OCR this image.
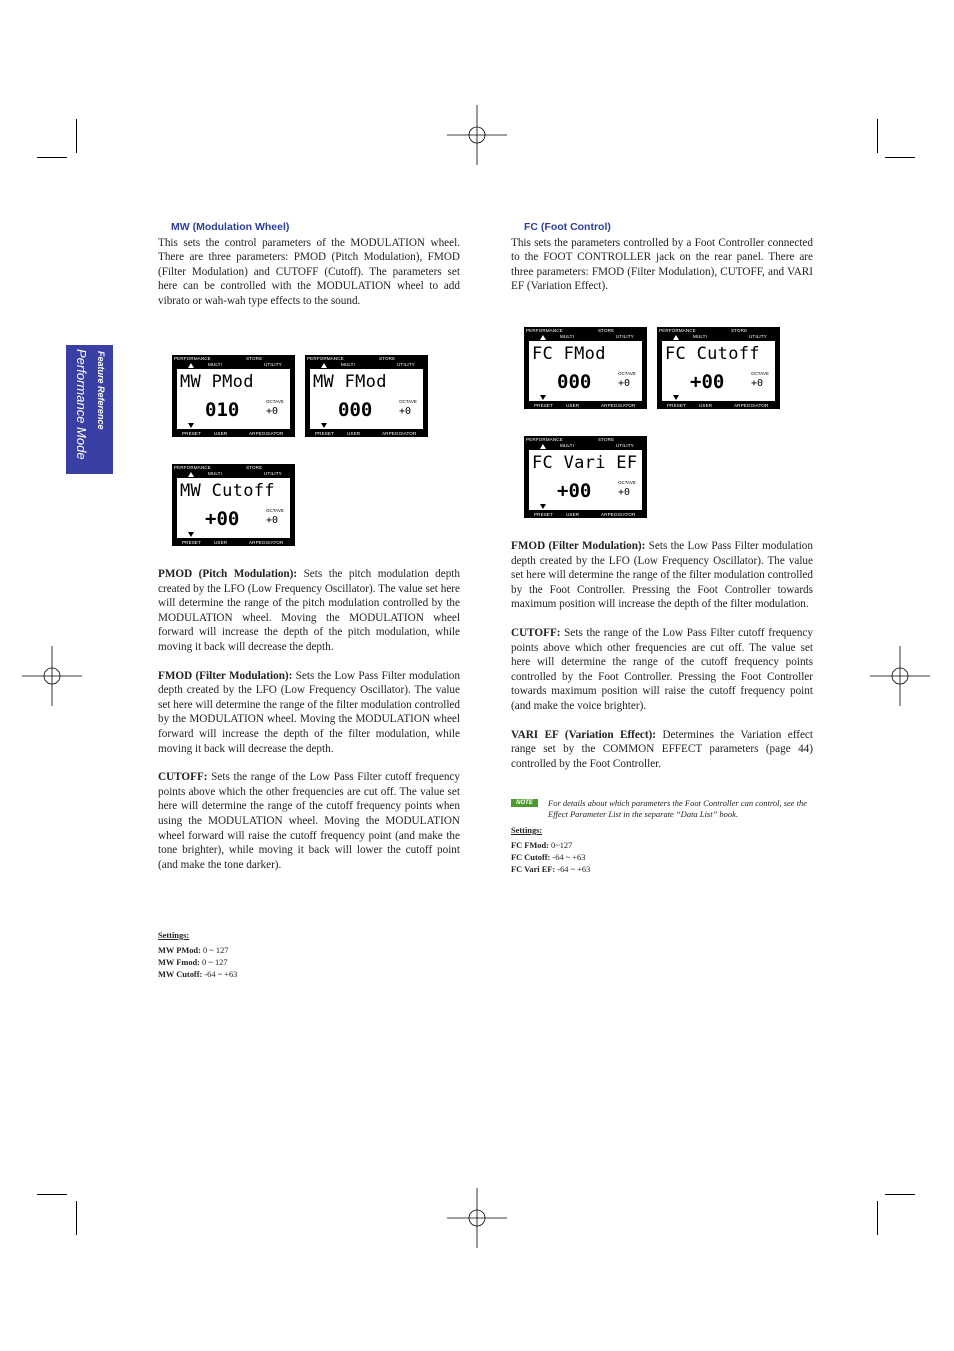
Feature Reference
Performance Mode
MW (Modulation Wheel)
This sets the control parameters of the MODULATION wheel. There are three parameters: PMOD (Pitch Modulation), FMOD (Filter Modulation) and CUTOFF (Cutoff). The parameters set here can be controlled with the MODULATION wheel to add vibrato or wah-wah type effects to the sound.
PMOD (Pitch Modulation): Sets the pitch modulation depth created by the LFO (Low Frequency Oscillator). The value set here will determine the range of the pitch modulation controlled by the MODULATION wheel. Moving the MODULATION wheel forward will increase the depth of the pitch modulation, while moving it back will decrease the depth.
FMOD (Filter Modulation): Sets the Low Pass Filter modulation depth created by the LFO (Low Frequency Oscillator). The value set here will determine the range of the filter modulation controlled by the MODULATION wheel. Moving the MODULATION wheel forward will increase the depth of the filter modulation, while moving it back will decrease the depth.
CUTOFF: Sets the range of the Low Pass Filter cutoff frequency points above which the other frequencies are cut off. The value set here will determine the range of the cutoff frequency points when using the MODULATION wheel. Moving the MODULATION wheel forward will raise the cutoff frequency point (and make the tone brighter), while moving it back will lower the cutoff point (and make the tone darker).
Settings:
MW PMod: 0 ~ 127
MW Fmod: 0 ~ 127
MW Cutoff: -64 ~ +63
FC (Foot Control)
This sets the parameters controlled by a Foot Controller connected to the FOOT CONTROLLER jack on the rear panel. There are three parameters: FMOD (Filter Modulation), CUTOFF, and VARI EF (Variation Effect).
FMOD (Filter Modulation): Sets the Low Pass Filter modulation depth created by the LFO (Low Frequency Oscillator). The value set here will determine the range of the filter modulation controlled by the Foot Controller. Pressing the Foot Controller towards maximum position will increase the depth of the filter modulation.
CUTOFF: Sets the range of the Low Pass Filter cutoff frequency points above which other frequencies are cut off. The value set here will determine the range of the cutoff frequency points controlled by the Foot Controller. Pressing the Foot Controller towards maximum position will raise the cutoff frequency point (and make the voice brighter).
VARI EF (Variation Effect): Determines the Variation effect range set by the COMMON EFFECT parameters (page 44) controlled by the Foot Controller.
NOTE	For details about which parameters the Foot Controller can control, see the Effect Parameter List in the separate “Data List” book.
Settings:
FC FMod: 0~127
FC Cutoff: -64 ~ +63
FC Vari EF: -64 ~ +63
PERFORMANCE	STORE
MULTI	UTILITY
MW PMod
010	OCTAVE
+0
PRESET	USER	ARPEGGIATOR
PERFORMANCE	STORE
MULTI	UTILITY
MW FMod
000	OCTAVE
+0
PRESET	USER	ARPEGGIATOR
PERFORMANCE	STORE
MULTI	UTILITY
MW Cutoff
+00	OCTAVE
+0
PRESET	USER	ARPEGGIATOR
PERFORMANCE	STORE
MULTI	UTILITY
FC FMod
000	OCTAVE
+0
PRESET	USER	ARPEGGIATOR
PERFORMANCE	STORE
MULTI	UTILITY
FC Cutoff
+00	OCTAVE
+0
PRESET	USER	ARPEGGIATOR
PERFORMANCE	STORE
MULTI	UTILITY
FC Vari EF
+00	OCTAVE
+0
PRESET	USER	ARPEGGIATOR
